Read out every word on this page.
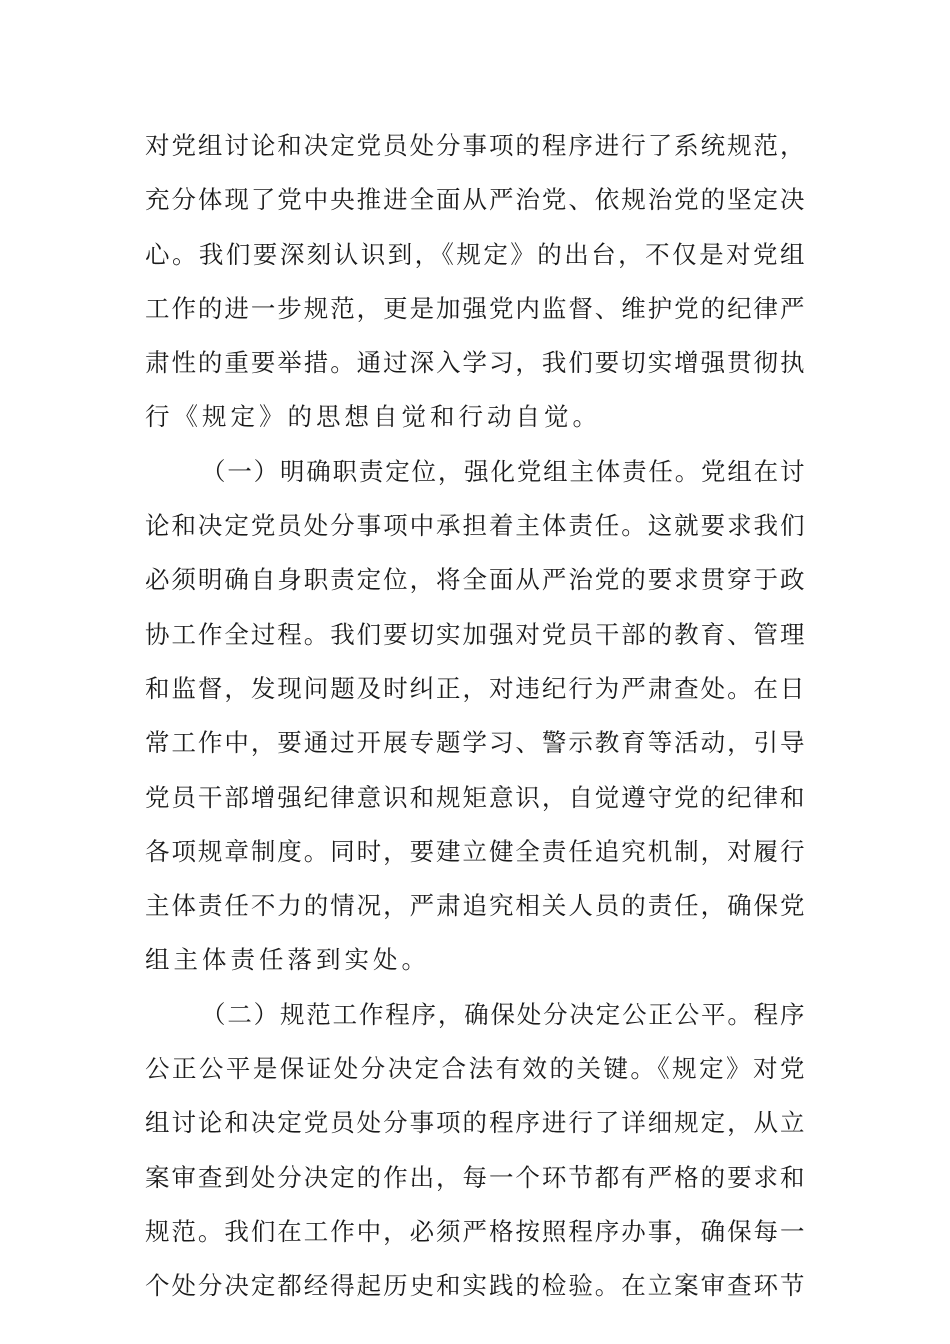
对党组讨论和决定党员处分事项的程序进行了系统规范，
充分体现了党中央推进全面从严治党、依规治党的坚定决
心。我们要深刻认识到，《规定》的出台，不仅是对党组
工作的进一步规范，更是加强党内监督、维护党的纪律严
肃性的重要举措。通过深入学习，我们要切实增强贯彻执
行《规定》的思想自觉和行动自觉。
（一）明确职责定位，强化党组主体责任。党组在讨
论和决定党员处分事项中承担着主体责任。这就要求我们
必须明确自身职责定位，将全面从严治党的要求贯穿于政
协工作全过程。我们要切实加强对党员干部的教育、管理
和监督，发现问题及时纠正，对违纪行为严肃查处。在日
常工作中，要通过开展专题学习、警示教育等活动，引导
党员干部增强纪律意识和规矩意识，自觉遵守党的纪律和
各项规章制度。同时，要建立健全责任追究机制，对履行
主体责任不力的情况，严肃追究相关人员的责任，确保党
组主体责任落到实处。
（二）规范工作程序，确保处分决定公正公平。程序
公正公平是保证处分决定合法有效的关键。《规定》对党
组讨论和决定党员处分事项的程序进行了详细规定，从立
案审查到处分决定的作出，每一个环节都有严格的要求和
规范。我们在工作中，必须严格按照程序办事，确保每一
个处分决定都经得起历史和实践的检验。在立案审查环节
